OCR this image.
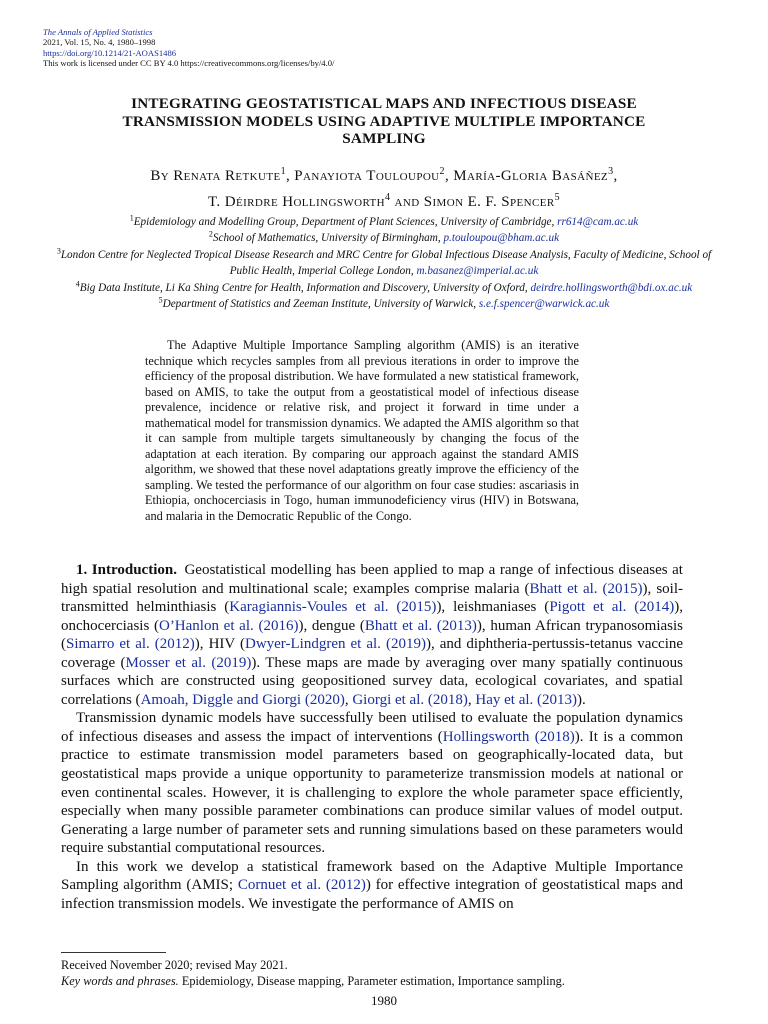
The Annals of Applied Statistics
2021, Vol. 15, No. 4, 1980–1998
https://doi.org/10.1214/21-AOAS1486
This work is licensed under CC BY 4.0 https://creativecommons.org/licenses/by/4.0/
INTEGRATING GEOSTATISTICAL MAPS AND INFECTIOUS DISEASE
TRANSMISSION MODELS USING ADAPTIVE MULTIPLE IMPORTANCE
SAMPLING
By Renata Retkute$^1$, Panayiota Touloupou$^2$, María-Gloria Basáñez$^3$,
T. Déirdre Hollingsworth$^4$ and Simon E. F. Spencer$^5$
$^1$Epidemiology and Modelling Group, Department of Plant Sciences, University of Cambridge, rr614@cam.ac.uk
$^2$School of Mathematics, University of Birmingham, p.touloupou@bham.ac.uk
$^3$London Centre for Neglected Tropical Disease Research and MRC Centre for Global Infectious Disease Analysis, Faculty of Medicine, School of Public Health, Imperial College London, m.basanez@imperial.ac.uk
$^4$Big Data Institute, Li Ka Shing Centre for Health, Information and Discovery, University of Oxford, deirdre.hollingsworth@bdi.ox.ac.uk
$^5$Department of Statistics and Zeeman Institute, University of Warwick, s.e.f.spencer@warwick.ac.uk

The Adaptive Multiple Importance Sampling algorithm (AMIS) is an iterative technique which recycles samples from all previous iterations in order to improve the efficiency of the proposal distribution. We have formulated a new statistical framework, based on AMIS, to take the output from a geostatistical model of infectious disease prevalence, incidence or relative risk, and project it forward in time under a mathematical model for transmission dynamics. We adapted the AMIS algorithm so that it can sample from multiple targets simultaneously by changing the focus of the adaptation at each iteration. By comparing our approach against the standard AMIS algorithm, we showed that these novel adaptations greatly improve the efficiency of the sampling. We tested the performance of our algorithm on four case studies: ascariasis in Ethiopia, onchocerciasis in Togo, human immunodeficiency virus (HIV) in Botswana, and malaria in the Democratic Republic of the Congo.

 1. Introduction.  Geostatistical modelling has been applied to map a range of infectious diseases at high spatial resolution and multinational scale; examples comprise malaria (Bhatt et al. (2015)), soil-transmitted helminthiasis (Karagiannis-Voules et al. (2015)), leishmaniases (Pigott et al. (2014)), onchocerciasis (O’Hanlon et al. (2016)), dengue (Bhatt et al. (2013)), human African trypanosomiasis (Simarro et al. (2012)), HIV (Dwyer-Lindgren et al. (2019)), and diphtheria-pertussis-tetanus vaccine coverage (Mosser et al. (2019)). These maps are made by averaging over many spatially continuous surfaces which are constructed using geopositioned survey data, ecological covariates, and spatial correlations (Amoah, Diggle and Giorgi (2020), Giorgi et al. (2018), Hay et al. (2013)).

 Transmission dynamic models have successfully been utilised to evaluate the population dynamics of infectious diseases and assess the impact of interventions (Hollingsworth (2018)). It is a common practice to estimate transmission model parameters based on geographically-located data, but geostatistical maps provide a unique opportunity to parameterize transmission models at national or even continental scales. However, it is challenging to explore the whole parameter space efficiently, especially when many possible parameter combinations can produce similar values of model output. Generating a large number of parameter sets and running simulations based on these parameters would require substantial computational resources.

 In this work we develop a statistical framework based on the Adaptive Multiple Importance Sampling algorithm (AMIS; Cornuet et al. (2012)) for effective integration of geostatistical maps and infection transmission models. We investigate the performance of AMIS on

Received November 2020; revised May 2021.

Key words and phrases. Epidemiology, Disease mapping, Parameter estimation, Importance sampling.

1980
